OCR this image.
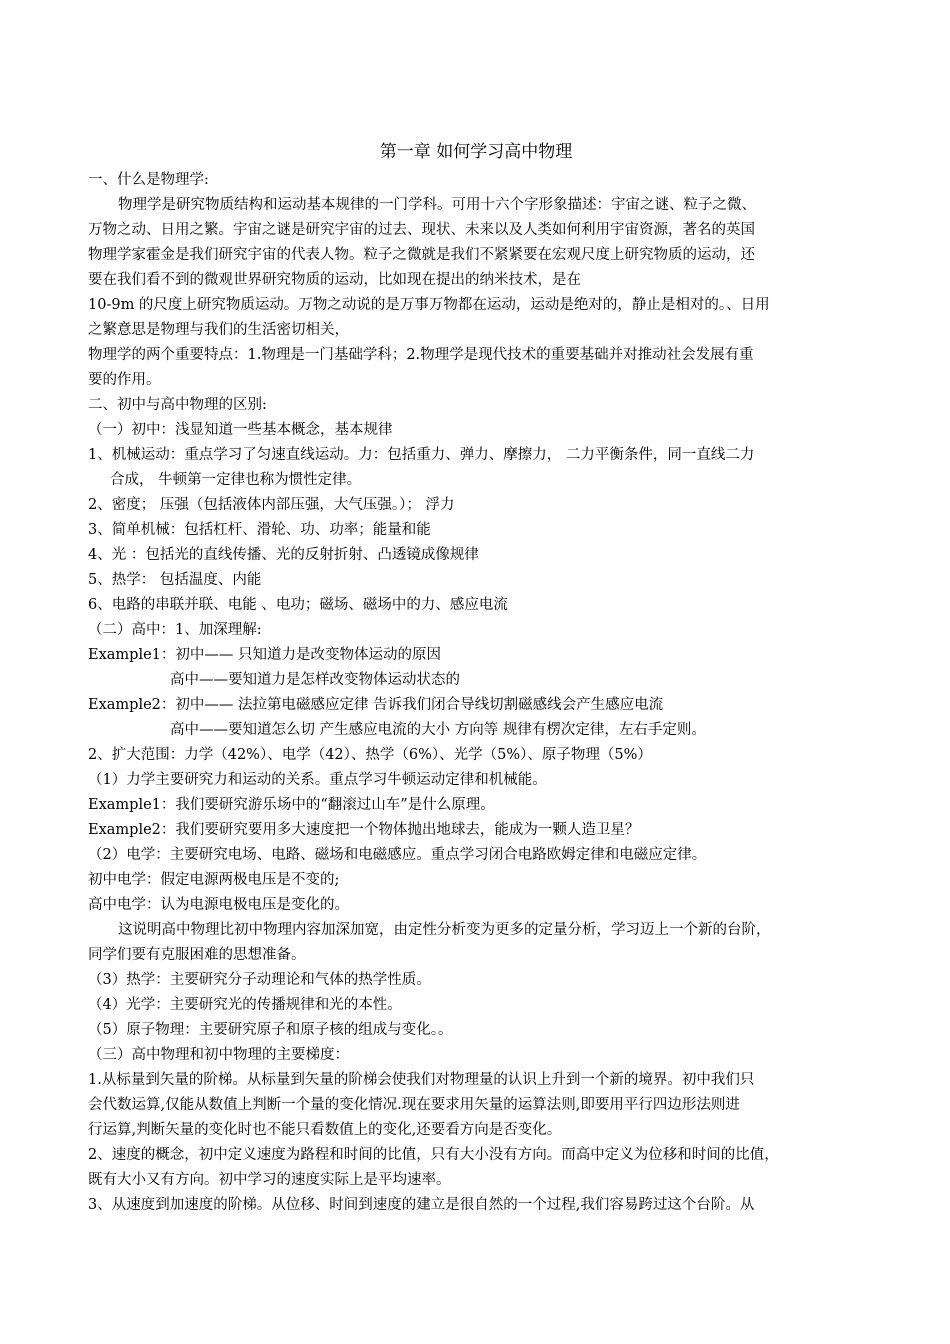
第一章 如何学习高中物理
一、什么是物理学:
物理学是研究物质结构和运动基本规律的一门学科。可用十六个字形象描述：宇宙之谜、粒子之微、
万物之动、日用之繁。宇宙之谜是研究宇宙的过去、现状、未来以及人类如何利用宇宙资源，著名的英国
物理学家霍金是我们研究宇宙的代表人物。粒子之微就是我们不紧紧要在宏观尺度上研究物质的运动，还
要在我们看不到的微观世界研究物质的运动，比如现在提出的纳米技术，是在
10-9m 的尺度上研究物质运动。万物之动说的是万事万物都在运动，运动是绝对的，静止是相对的。、日用
之繁意思是物理与我们的生活密切相关，
物理学的两个重要特点：1.物理是一门基础学科；2.物理学是现代技术的重要基础并对推动社会发展有重
要的作用。
二、初中与高中物理的区别:
（一）初中：浅显知道一些基本概念，基本规律
1、机械运动：重点学习了匀速直线运动。力：包括重力、弹力、摩擦力， 二力平衡条件，同一直线二力
合成， 牛顿第一定律也称为惯性定律。
2、密度； 压强（包括液体内部压强，大气压强。）； 浮力
3、简单机械：包括杠杆、滑轮、功、功率；能量和能
4、光 ：包括光的直线传播、光的反射折射、凸透镜成像规律
5、热学： 包括温度、内能
6、电路的串联并联、电能 、电功；磁场、磁场中的力、感应电流
（二）高中：1、加深理解:
Example1：初中—— 只知道力是改变物体运动的原因
高中——要知道力是怎样改变物体运动状态的
Example2：初中—— 法拉第电磁感应定律 告诉我们闭合导线切割磁感线会产生感应电流
高中——要知道怎么切 产生感应电流的大小 方向等 规律有楞次定律，左右手定则。
2、扩大范围：力学（42%）、电学（42）、热学（6%）、光学（5%）、原子物理（5%）
（1）力学主要研究力和运动的关系。重点学习牛顿运动定律和机械能。
Example1：我们要研究游乐场中的“翻滚过山车”是什么原理。
Example2：我们要研究要用多大速度把一个物体抛出地球去，能成为一颗人造卫星？
（2）电学：主要研究电场、电路、磁场和电磁感应。重点学习闭合电路欧姆定律和电磁应定律。
初中电学：假定电源两极电压是不变的;
高中电学：认为电源电极电压是变化的。
这说明高中物理比初中物理内容加深加宽，由定性分析变为更多的定量分析，学习迈上一个新的台阶，
同学们要有克服困难的思想准备。
（3）热学：主要研究分子动理论和气体的热学性质。
（4）光学：主要研究光的传播规律和光的本性。
（5）原子物理：主要研究原子和原子核的组成与变化。。
（三）高中物理和初中物理的主要梯度：
1.从标量到矢量的阶梯。从标量到矢量的阶梯会使我们对物理量的认识上升到一个新的境界。初中我们只
会代数运算,仅能从数值上判断一个量的变化情况.现在要求用矢量的运算法则,即要用平行四边形法则进
行运算,判断矢量的变化时也不能只看数值上的变化,还要看方向是否变化。
2、速度的概念，初中定义速度为路程和时间的比值，只有大小没有方向。而高中定义为位移和时间的比值，
既有大小又有方向。初中学习的速度实际上是平均速率。
3、从速度到加速度的阶梯。从位移、时间到速度的建立是很自然的一个过程,我们容易跨过这个台阶。从
